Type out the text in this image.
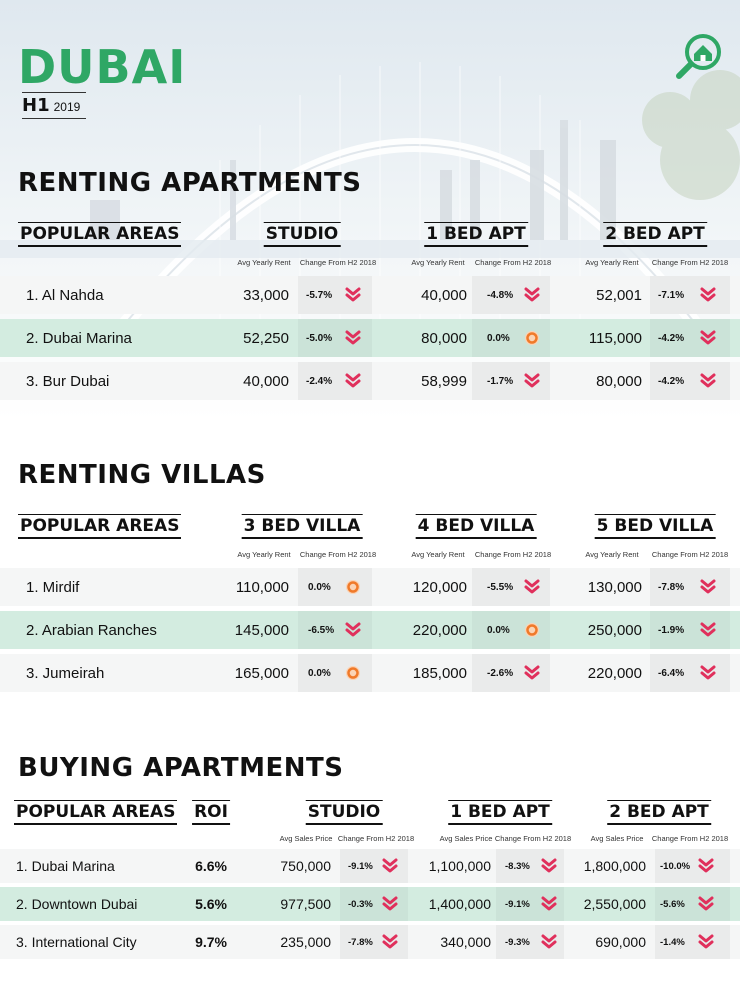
DUBAI
H1 2019
RENTING APARTMENTS
POPULAR AREAS	STUDIO	1 BED APT	2 BED APT
Avg Yearly Rent Change From H2 2018	Avg Yearly Rent Change From H2 2018	Avg Yearly Rent Change From H2 2018
1. Al Nahda	33,000 -5.7%	40,000 -4.8%	52,001 -7.1%
2. Dubai Marina	52,250 -5.0%	80,000 0.0%	115,000 -4.2%
3. Bur Dubai	40,000 -2.4%	58,999 -1.7%	80,000 -4.2%
RENTING VILLAS
POPULAR AREAS	3 BED VILLA	4 BED VILLA	5 BED VILLA
Avg Yearly Rent Change From H2 2018	Avg Yearly Rent Change From H2 2018	Avg Yearly Rent Change From H2 2018
1. Mirdif	110,000 0.0%	120,000 -5.5%	130,000 -7.8%
2. Arabian Ranches	145,000 -6.5%	220,000 0.0%	250,000 -1.9%
3. Jumeirah	165,000 0.0%	185,000 -2.6%	220,000 -6.4%
BUYING APARTMENTS
POPULAR AREAS ROI	STUDIO	1 BED APT	2 BED APT
Avg Sales Price Change From H2 2018	Avg Sales Price Change From H2 2018	Avg Sales Price Change From H2 2018
1. Dubai Marina	6.6%	750,000 -9.1%	1,100,000 -8.3%	1,800,000 -10.0%
2. Downtown Dubai	5.6%	977,500 -0.3%	1,400,000 -9.1%	2,550,000 -5.6%
3. International City	9.7%	235,000 -7.8%	340,000 -9.3%	690,000 -1.4%
